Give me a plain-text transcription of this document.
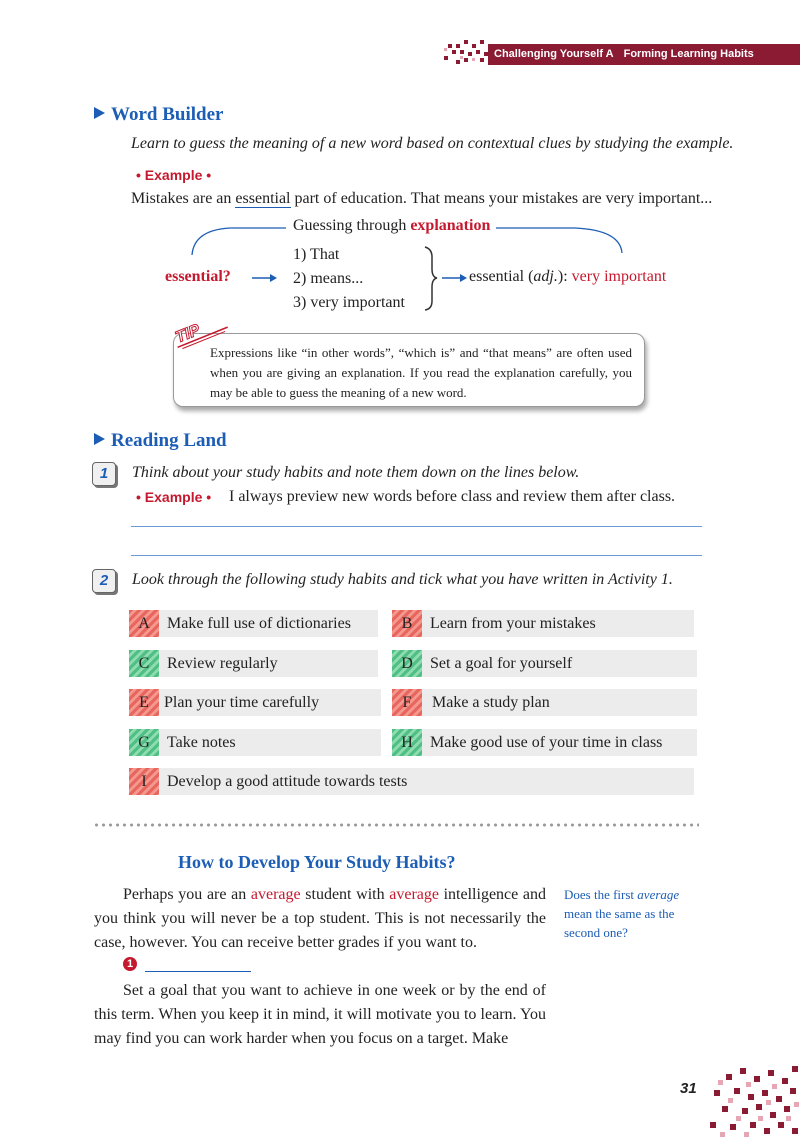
Challenging Yourself A Forming Learning Habits
Word Builder
Learn to guess the meaning of a new word based on contextual clues by studying the example.
• Example •
Mistakes are an essential part of education. That means your mistakes are very important...
Guessing through explanation
essential?
1) That
2) means...
3) very important
essential (adj.): very important
TIP
Expressions like “in other words”, “which is” and “that means” are often used when you are giving an explanation. If you read the explanation carefully, you may be able to guess the meaning of a new word.
Reading Land
1	Think about your study habits and note them down on the lines below.
• Example • I always preview new words before class and review them after class.
2	Look through the following study habits and tick what you have written in Activity 1.
A	Make full use of dictionaries	B	Learn from your mistakes
C	Review regularly	D	Set a goal for yourself
E Plan your time carefully	F	Make a study plan
G	Take notes	H	Make good use of your time in class
I	Develop a good attitude towards tests
How to Develop Your Study Habits?
Perhaps you are an average student with average intelligence and you think you will never be a top student. This is not necessarily the case, however. You can receive better grades if you want to.
1
Set a goal that you want to achieve in one week or by the end of this term. When you keep it in mind, it will motivate you to learn. You may find you can work harder when you focus on a target. Make
Does the first average mean the same as the second one?
31
